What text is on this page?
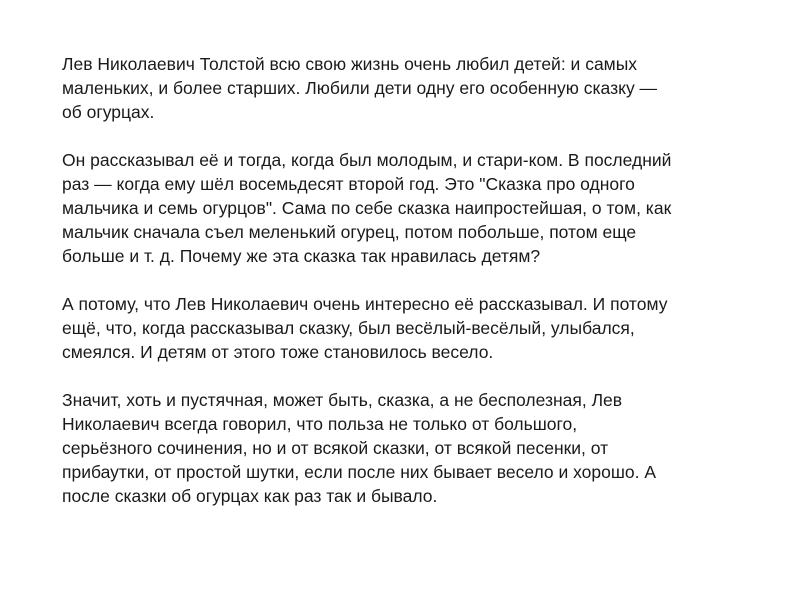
Лев Николаевич Толстой всю свою жизнь очень любил детей: и самых
маленьких, и более старших. Любили дети одну его особенную сказку —
об огурцах.

Он рассказывал её и тогда, когда был молодым, и стари-ком. В последний
раз — когда ему шёл восемьдесят второй год. Это "Сказка про одного
мальчика и семь огурцов". Сама по себе сказка наипростейшая, о том, как
мальчик сначала съел меленький огурец, потом побольше, потом еще
больше и т. д. Почему же эта сказка так нравилась детям?

А потому, что Лев Николаевич очень интересно её рассказывал. И потому
ещё, что, когда рассказывал сказку, был весёлый-весёлый, улыбался,
смеялся. И детям от этого тоже становилось весело.

Значит, хоть и пустячная, может быть, сказка, а не бесполезная, Лев
Николаевич всегда говорил, что польза не только от большого,
серьёзного сочинения, но и от всякой сказки, от всякой песенки, от
прибаутки, от простой шутки, если после них бывает весело и хорошо. А
после сказки об огурцах как раз так и бывало.
